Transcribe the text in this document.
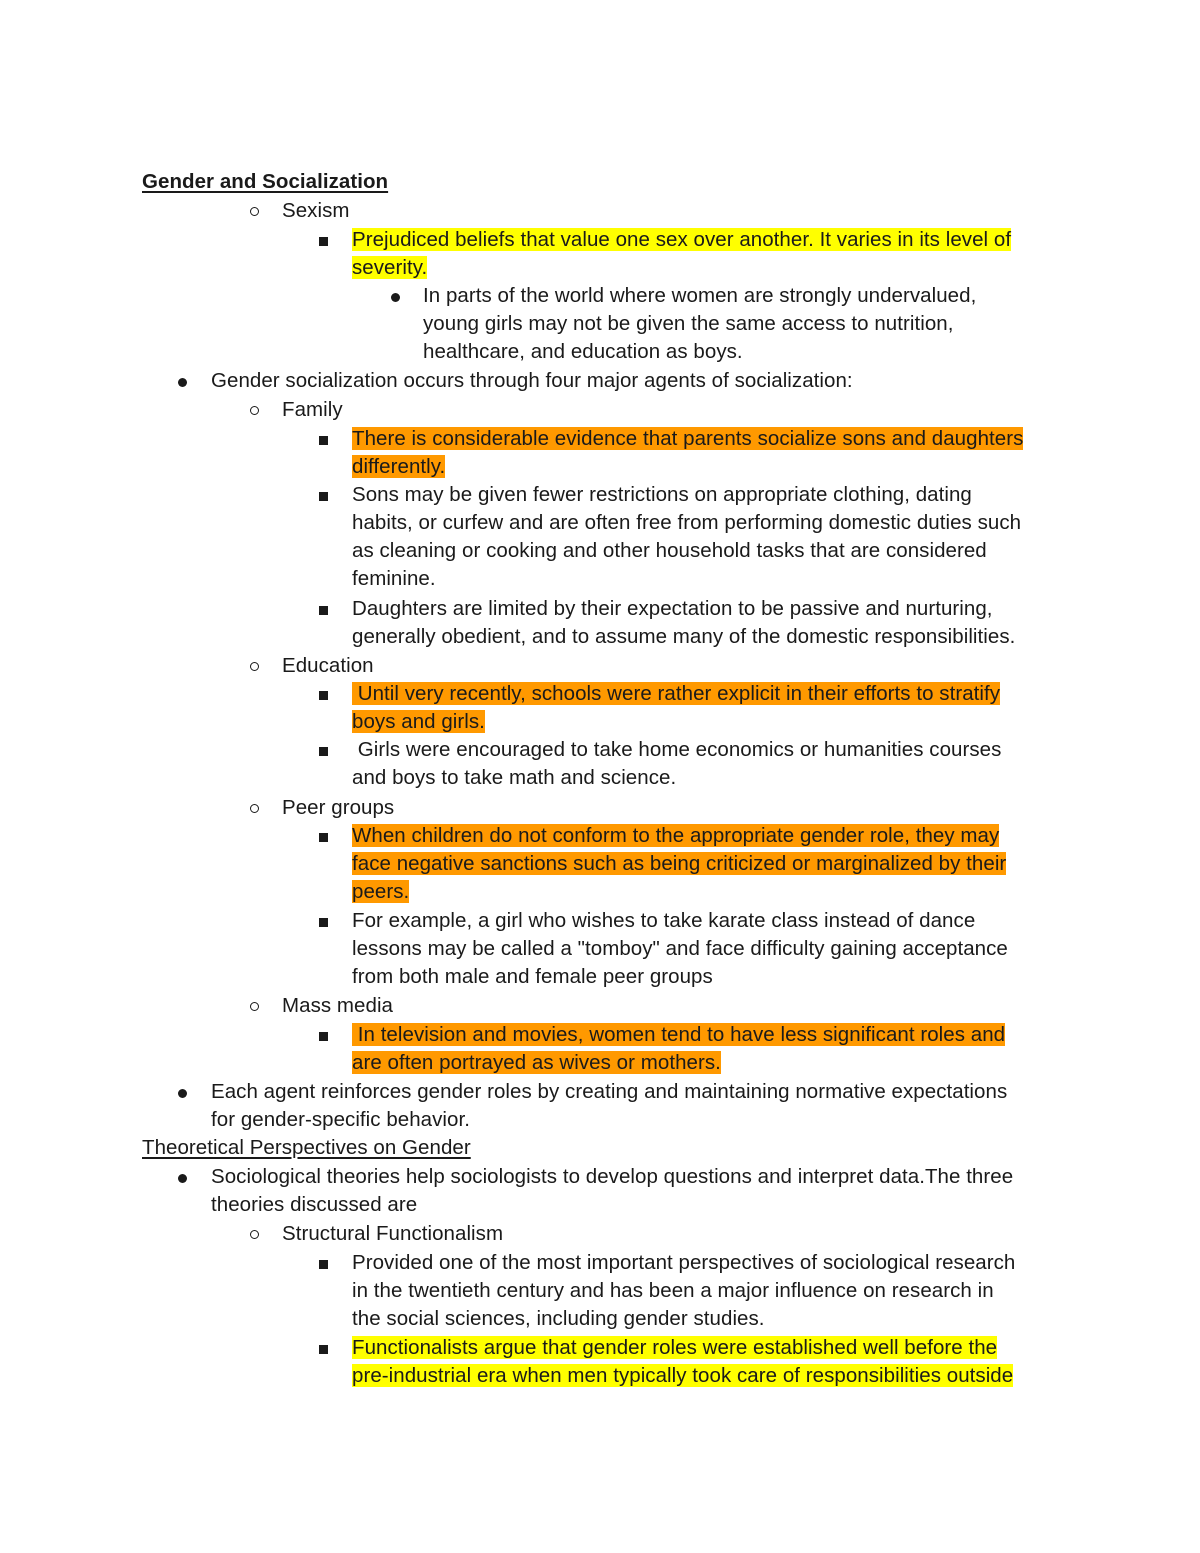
Gender and Socialization
Sexism
Prejudiced beliefs that value one sex over another. It varies in its level of
severity.
In parts of the world where women are strongly undervalued,
young girls may not be given the same access to nutrition,
healthcare, and education as boys.
Gender socialization occurs through four major agents of socialization:
Family
There is considerable evidence that parents socialize sons and daughters
differently.
Sons may be given fewer restrictions on appropriate clothing, dating
habits, or curfew and are often free from performing domestic duties such
as cleaning or cooking and other household tasks that are considered
feminine.
Daughters are limited by their expectation to be passive and nurturing,
generally obedient, and to assume many of the domestic responsibilities.
Education
Until very recently, schools were rather explicit in their efforts to stratify
boys and girls.
Girls were encouraged to take home economics or humanities courses
and boys to take math and science.
Peer groups
When children do not conform to the appropriate gender role, they may
face negative sanctions such as being criticized or marginalized by their
peers.
For example, a girl who wishes to take karate class instead of dance
lessons may be called a "tomboy" and face difficulty gaining acceptance
from both male and female peer groups
Mass media
In television and movies, women tend to have less significant roles and
are often portrayed as wives or mothers.
Each agent reinforces gender roles by creating and maintaining normative expectations
for gender-specific behavior.
Theoretical Perspectives on Gender
Sociological theories help sociologists to develop questions and interpret data.The three
theories discussed are
Structural Functionalism
Provided one of the most important perspectives of sociological research
in the twentieth century and has been a major influence on research in
the social sciences, including gender studies.
Functionalists argue that gender roles were established well before the
pre-industrial era when men typically took care of responsibilities outside
